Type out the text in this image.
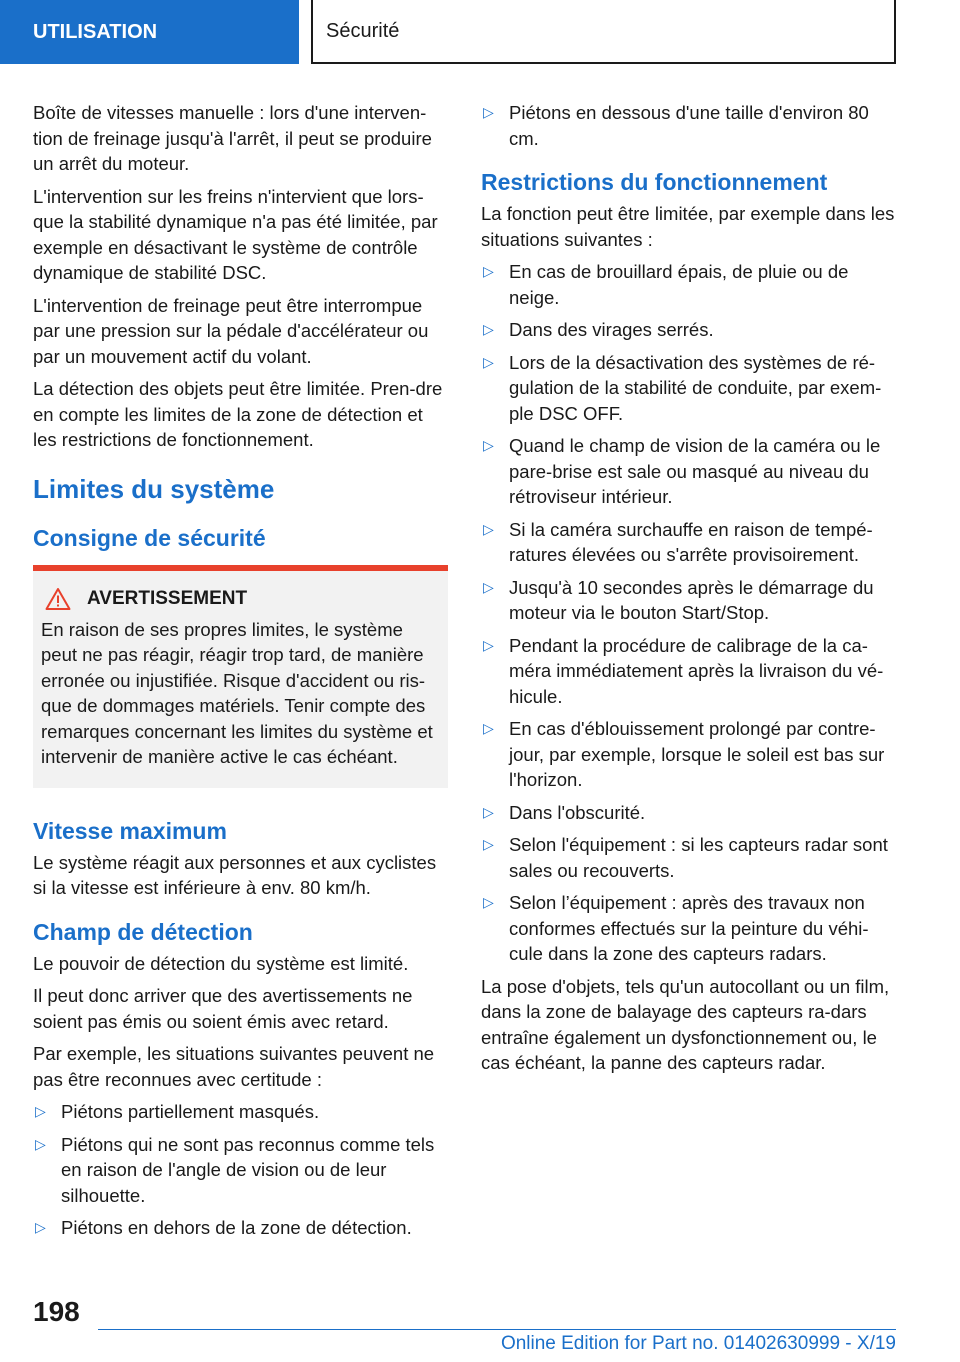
UTILISATION	Sécurité

Boîte de vitesses manuelle : lors d'une interven-tion de freinage jusqu'à l'arrêt, il peut se produire un arrêt du moteur.

L'intervention sur les freins n'intervient que lors-que la stabilité dynamique n'a pas été limitée, par exemple en désactivant le système de contrôle dynamique de stabilité DSC.

L'intervention de freinage peut être interrompue par une pression sur la pédale d'accélérateur ou par un mouvement actif du volant.

La détection des objets peut être limitée. Pren-dre en compte les limites de la zone de détection et les restrictions de fonctionnement.

Limites du système
Consigne de sécurité
AVERTISSEMENT

En raison de ses propres limites, le système peut ne pas réagir, réagir trop tard, de manière erronée ou injustifiée. Risque d'accident ou ris-que de dommages matériels. Tenir compte des remarques concernant les limites du système et intervenir de manière active le cas échéant.

Vitesse maximum

Le système réagit aux personnes et aux cyclistes si la vitesse est inférieure à env. 80 km/h.

Champ de détection

Le pouvoir de détection du système est limité.

Il peut donc arriver que des avertissements ne soient pas émis ou soient émis avec retard.

Par exemple, les situations suivantes peuvent ne pas être reconnues avec certitude :

▷ Piétons partiellement masqués.
▷ Piétons qui ne sont pas reconnus comme tels en raison de l'angle de vision ou de leur silhouette.
▷ Piétons en dehors de la zone de détection.
▷ Piétons en dessous d'une taille d'environ 80 cm.
Restrictions du fonctionnement

La fonction peut être limitée, par exemple dans les situations suivantes :

▷ En cas de brouillard épais, de pluie ou de neige.
▷ Dans des virages serrés.
▷ Lors de la désactivation des systèmes de ré-gulation de la stabilité de conduite, par exem-ple DSC OFF.
▷ Quand le champ de vision de la caméra ou le pare-brise est sale ou masqué au niveau du rétroviseur intérieur.
▷ Si la caméra surchauffe en raison de tempé-ratures élevées ou s'arrête provisoirement.
▷ Jusqu'à 10 secondes après le démarrage du moteur via le bouton Start/Stop.
▷ Pendant la procédure de calibrage de la ca-méra immédiatement après la livraison du vé-hicule.
▷ En cas d'éblouissement prolongé par contre-jour, par exemple, lorsque le soleil est bas sur l'horizon.
▷ Dans l'obscurité.
▷ Selon l'équipement : si les capteurs radar sont sales ou recouverts.
▷ Selon l’équipement : après des travaux non conformes effectués sur la peinture du véhi-cule dans la zone des capteurs radars.

La pose d'objets, tels qu'un autocollant ou un film, dans la zone de balayage des capteurs ra-dars entraîne également un dysfonctionnement ou, le cas échéant, la panne des capteurs radar.

198
Online Edition for Part no. 01402630999 - X/19
